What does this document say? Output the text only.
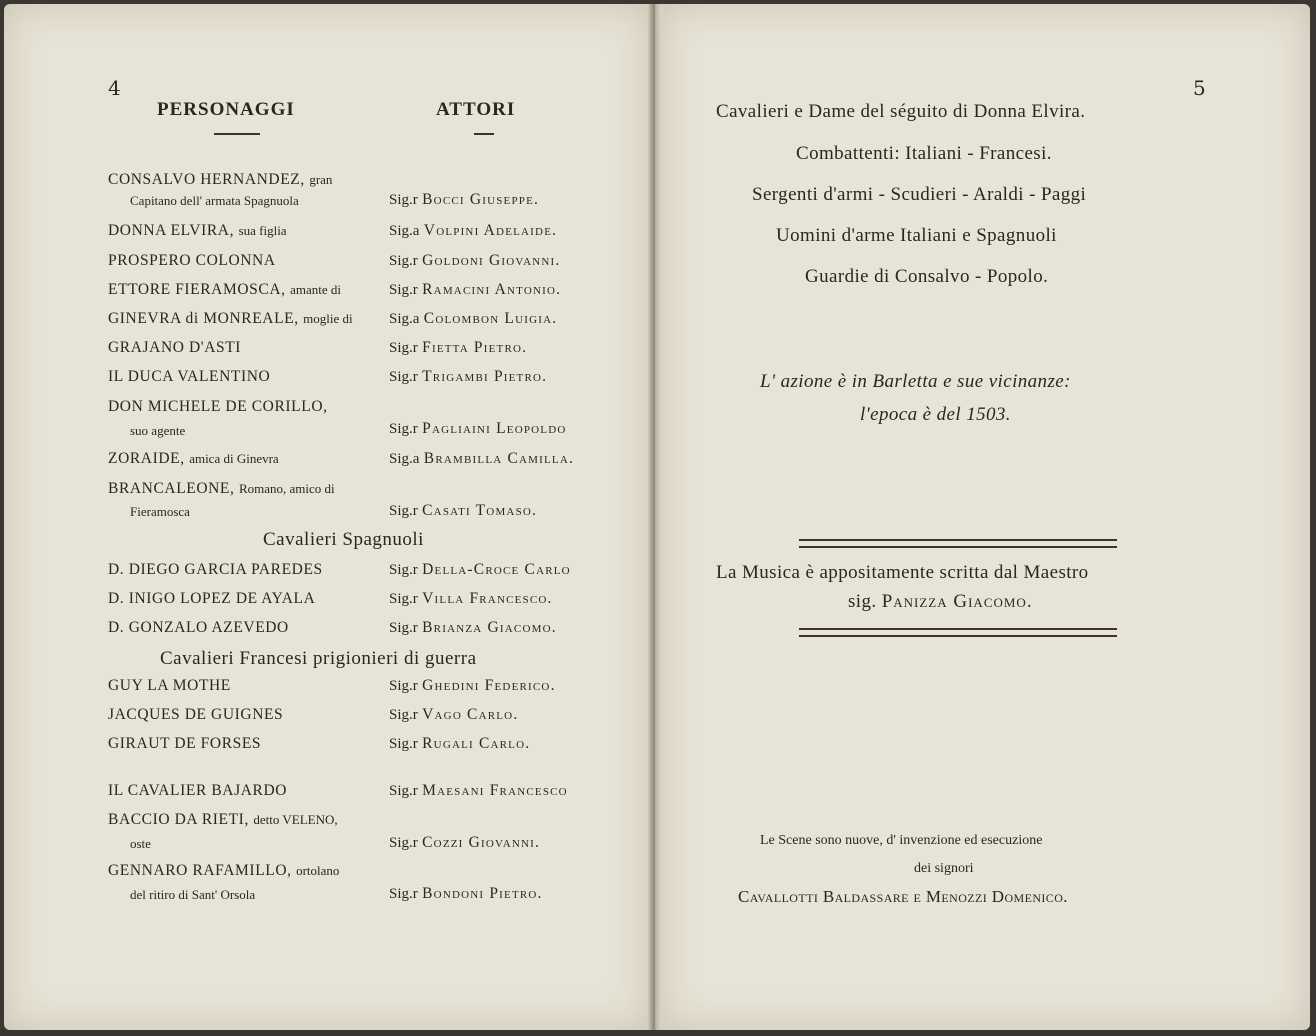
4
PERSONAGGI	ATTORI
CONSALVO HERNANDEZ, gran
Capitano dell' armata Spagnuola	Sig.r Bocci Giuseppe.
DONNA ELVIRA, sua figlia	Sig.a Volpini Adelaide.
PROSPERO COLONNA	Sig.r Goldoni Giovanni.
ETTORE FIERAMOSCA, amante di	Sig.r Ramacini Antonio.
GINEVRA di MONREALE, moglie di Sig.a Colombon Luigia.
GRAJANO D'ASTI	Sig.r Fietta Pietro.
IL DUCA VALENTINO	Sig.r Trigambi Pietro.
DON MICHELE DE CORILLO,
suo agente	Sig.r Pagliaini Leopoldo
ZORAIDE, amica di Ginevra	Sig.a Brambilla Camilla.
BRANCALEONE, Romano, amico di
Fieramosca	Sig.r Casati Tomaso.
Cavalieri Spagnuoli
D. DIEGO GARCIA PAREDES	Sig.r Della-Croce Carlo
D. INIGO LOPEZ DE AYALA	Sig.r Villa Francesco.
D. GONZALO AZEVEDO	Sig.r Brianza Giacomo.
Cavalieri Francesi prigionieri di guerra
GUY LA MOTHE	Sig.r Ghedini Federico.
JACQUES DE GUIGNES	Sig.r Vago Carlo.
GIRAUT DE FORSES	Sig.r Rugali Carlo.
IL CAVALIER BAJARDO	Sig.r Maesani Francesco
BACCIO DA RIETI, detto VELENO,
oste	Sig.r Cozzi Giovanni.
GENNARO RAFAMILLO, ortolano
del ritiro di Sant' Orsola	Sig.r Bondoni Pietro.
5
Cavalieri e Dame del séguito di Donna Elvira.
Combattenti: Italiani - Francesi.
Sergenti d'armi - Scudieri - Araldi - Paggi
Uomini d'arme Italiani e Spagnuoli
Guardie di Consalvo - Popolo.
L' azione è in Barletta e sue vicinanze:
l'epoca è del 1503.
La Musica è appositamente scritta dal Maestro
sig. Panizza Giacomo.
Le Scene sono nuove, d' invenzione ed esecuzione
dei signori
Cavallotti Baldassare e Menozzi Domenico.
